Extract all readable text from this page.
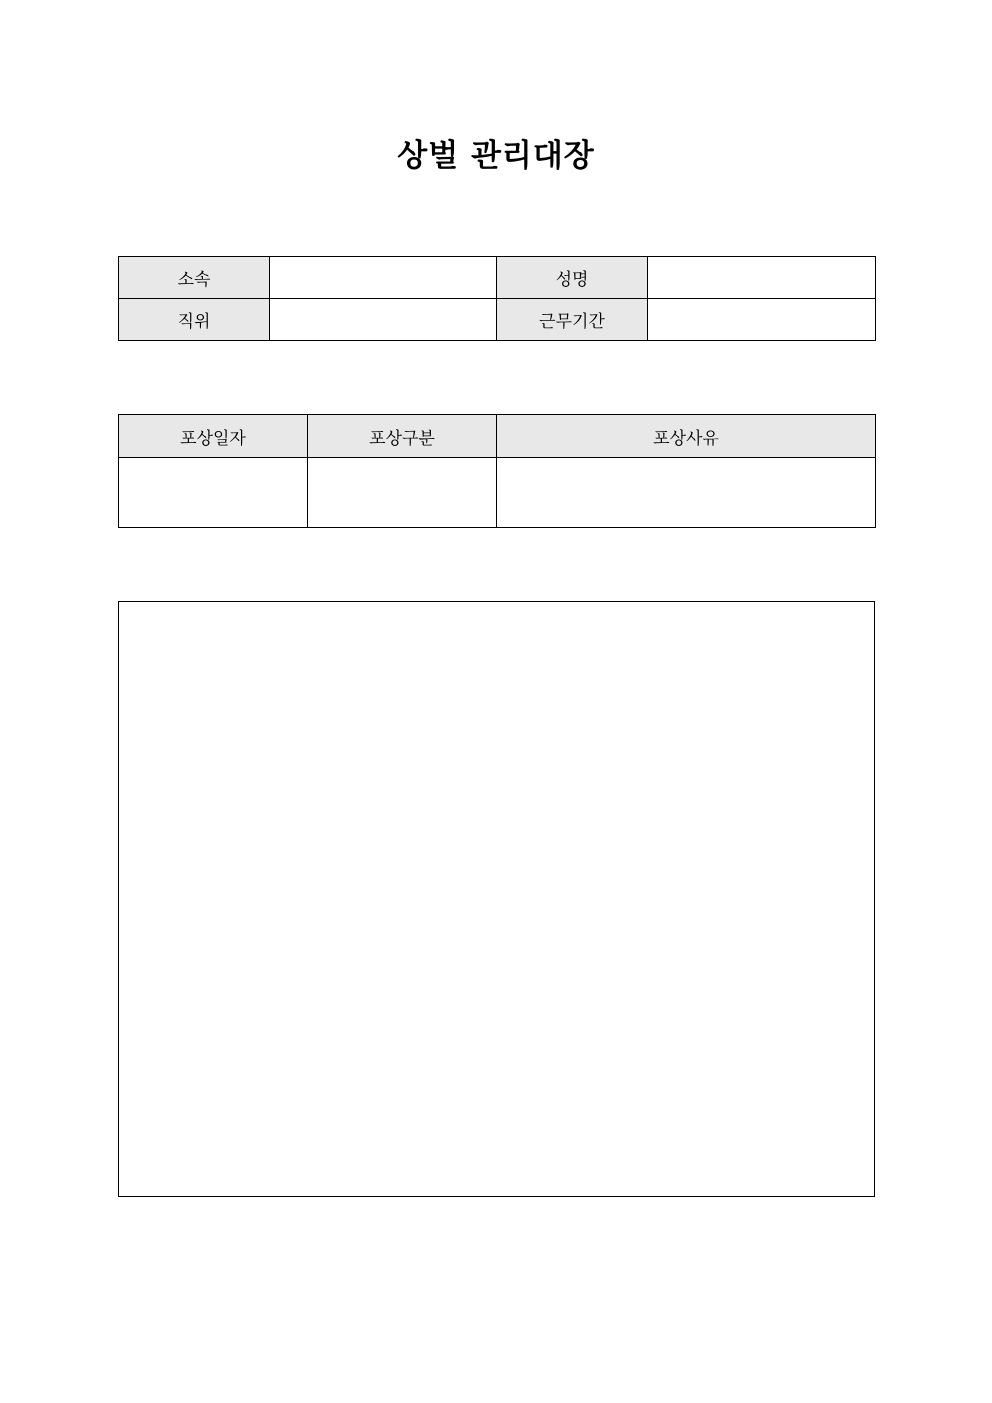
상벌 관리대장
소속		성명	
직위		근무기간	
포상일자	포상구분	포상사유
